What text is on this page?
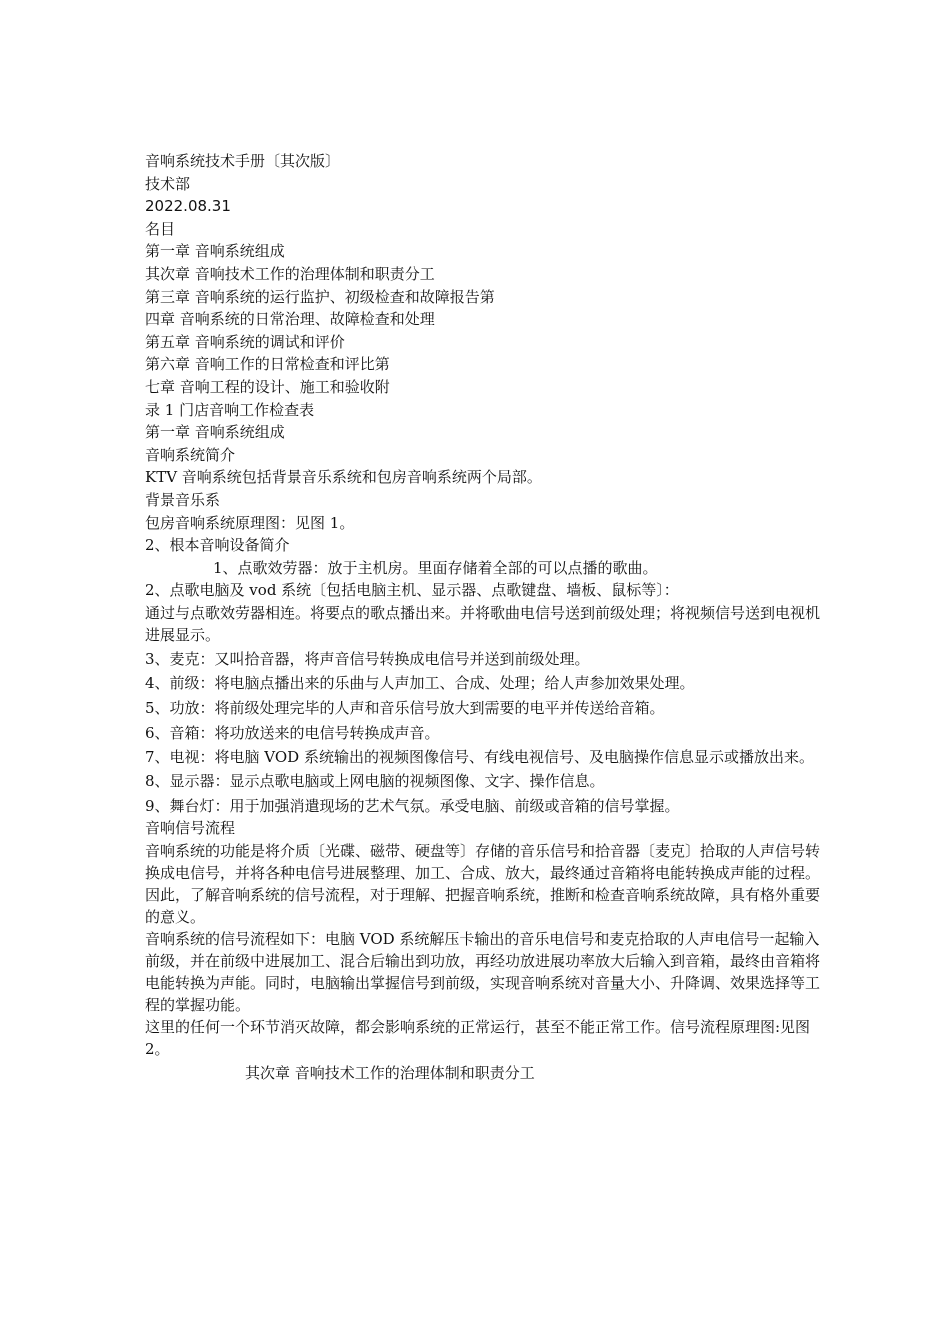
音响系统技术手册〔其次版〕
技术部
2022.08.31
名目
第一章 音响系统组成
其次章 音响技术工作的治理体制和职责分工
第三章 音响系统的运行监护、初级检查和故障报告第
四章 音响系统的日常治理、故障检查和处理
第五章 音响系统的调试和评价
第六章 音响工作的日常检查和评比第
七章 音响工程的设计、施工和验收附
录 1 门店音响工作检查表
第一章 音响系统组成
音响系统简介
KTV 音响系统包括背景音乐系统和包房音响系统两个局部。
背景音乐系
包房音响系统原理图：见图 1。
2、根本音响设备简介
1、点歌效劳器：放于主机房。里面存储着全部的可以点播的歌曲。
2、点歌电脑及 vod 系统〔包括电脑主机、显示器、点歌键盘、墙板、鼠标等〕：

通过与点歌效劳器相连。将要点的歌点播出来。并将歌曲电信号送到前级处理；将视频信号送到电视机进展显示。

3、麦克：又叫拾音器，将声音信号转换成电信号并送到前级处理。
4、前级：将电脑点播出来的乐曲与人声加工、合成、处理；给人声参加效果处理。
5、功放：将前级处理完毕的人声和音乐信号放大到需要的电平并传送给音箱。
6、音箱：将功放送来的电信号转换成声音。

7、电视：将电脑 VOD 系统输出的视频图像信号、有线电视信号、及电脑操作信息显示或播放出来。

8、显示器：显示点歌电脑或上网电脑的视频图像、文字、操作信息。
9、舞台灯：用于加强消遣现场的艺术气氛。承受电脑、前级或音箱的信号掌握。
音响信号流程

音响系统的功能是将介质〔光碟、磁带、硬盘等〕存储的音乐信号和拾音器〔麦克〕拾取的人声信号转换成电信号，并将各种电信号进展整理、加工、合成、放大，最终通过音箱将电能转换成声能的过程。因此，了解音响系统的信号流程，对于理解、把握音响系统，推断和检查音响系统故障，具有格外重要的意义。

音响系统的信号流程如下：电脑 VOD 系统解压卡输出的音乐电信号和麦克拾取的人声电信号一起输入前级，并在前级中进展加工、混合后输出到功放，再经功放进展功率放大后输入到音箱，最终由音箱将电能转换为声能。同时，电脑输出掌握信号到前级，实现音响系统对音量大小、升降调、效果选择等工程的掌握功能。

这里的任何一个环节消灭故障，都会影响系统的正常运行，甚至不能正常工作。信号流程原理图:见图 2。

其次章 音响技术工作的治理体制和职责分工
